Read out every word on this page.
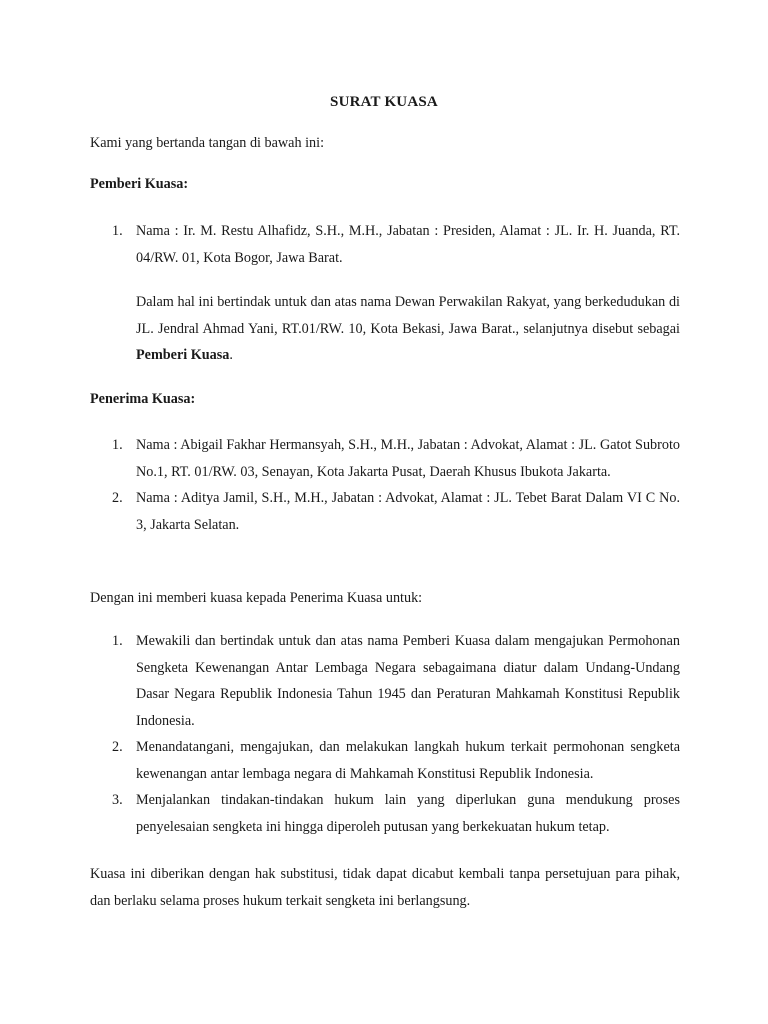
SURAT KUASA

Kami yang bertanda tangan di bawah ini:

Pemberi Kuasa:

1. Nama : Ir. M. Restu Alhafidz, S.H., M.H., Jabatan : Presiden, Alamat : JL. Ir. H. Juanda, RT. 04/RW. 01, Kota Bogor, Jawa Barat.

Dalam hal ini bertindak untuk dan atas nama Dewan Perwakilan Rakyat, yang berkedudukan di JL. Jendral Ahmad Yani, RT.01/RW. 10, Kota Bekasi, Jawa Barat., selanjutnya disebut sebagai Pemberi Kuasa.

Penerima Kuasa:

1. Nama : Abigail Fakhar Hermansyah, S.H., M.H., Jabatan : Advokat, Alamat : JL. Gatot Subroto No.1, RT. 01/RW. 03, Senayan, Kota Jakarta Pusat, Daerah Khusus Ibukota Jakarta.
2. Nama : Aditya Jamil, S.H., M.H., Jabatan : Advokat, Alamat : JL. Tebet Barat Dalam VI C No. 3, Jakarta Selatan.

Dengan ini memberi kuasa kepada Penerima Kuasa untuk:

1. Mewakili dan bertindak untuk dan atas nama Pemberi Kuasa dalam mengajukan Permohonan Sengketa Kewenangan Antar Lembaga Negara sebagaimana diatur dalam Undang-Undang Dasar Negara Republik Indonesia Tahun 1945 dan Peraturan Mahkamah Konstitusi Republik Indonesia.
2. Menandatangani, mengajukan, dan melakukan langkah hukum terkait permohonan sengketa kewenangan antar lembaga negara di Mahkamah Konstitusi Republik Indonesia.
3. Menjalankan tindakan-tindakan hukum lain yang diperlukan guna mendukung proses penyelesaian sengketa ini hingga diperoleh putusan yang berkekuatan hukum tetap.

Kuasa ini diberikan dengan hak substitusi, tidak dapat dicabut kembali tanpa persetujuan para pihak, dan berlaku selama proses hukum terkait sengketa ini berlangsung.
